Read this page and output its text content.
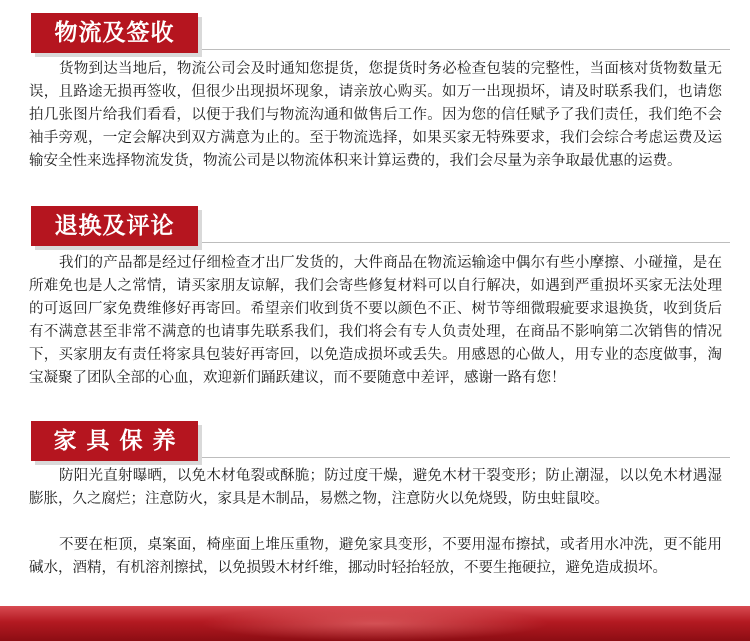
物流及签收

货物到达当地后，物流公司会及时通知您提货，您提货时务必检查包装的完整性，当面核对货物数量无误，且路途无损再签收，但很少出现损坏现象，请亲放心购买。如万一出现损坏，请及时联系我们，也请您拍几张图片给我们看看，以便于我们与物流沟通和做售后工作。因为您的信任赋予了我们责任，我们绝不会袖手旁观，一定会解决到双方满意为止的。至于物流选择，如果买家无特殊要求，我们会综合考虑运费及运输安全性来选择物流发货，物流公司是以物流体积来计算运费的，我们会尽量为亲争取最优惠的运费。

退换及评论

我们的产品都是经过仔细检查才出厂发货的，大件商品在物流运输途中偶尔有些小摩擦、小碰撞，是在所难免也是人之常情，请买家朋友谅解，我们会寄些修复材料可以自行解决，如遇到严重损坏买家无法处理的可返回厂家免费维修好再寄回。希望亲们收到货不要以颜色不正、树节等细微瑕疵要求退换货，收到货后有不满意甚至非常不满意的也请事先联系我们，我们将会有专人负责处理，在商品不影响第二次销售的情况下，买家朋友有责任将家具包装好再寄回，以免造成损坏或丢失。用感恩的心做人，用专业的态度做事，淘宝凝聚了团队全部的心血，欢迎新们踊跃建议，而不要随意中差评，感谢一路有您！

家具保养

防阳光直射曝晒，以免木材龟裂或酥脆；防过度干燥，避免木材干裂变形；防止潮湿，以以免木材遇湿膨胀，久之腐烂；注意防火，家具是木制品，易燃之物，注意防火以免烧毁，防虫蛀鼠咬。

不要在柜顶，桌案面，椅座面上堆压重物，避免家具变形，不要用湿布擦拭，或者用水冲洗，更不能用碱水，酒精，有机溶剂擦拭，以免损毁木材纤维，挪动时轻抬轻放，不要生拖硬拉，避免造成损坏。
